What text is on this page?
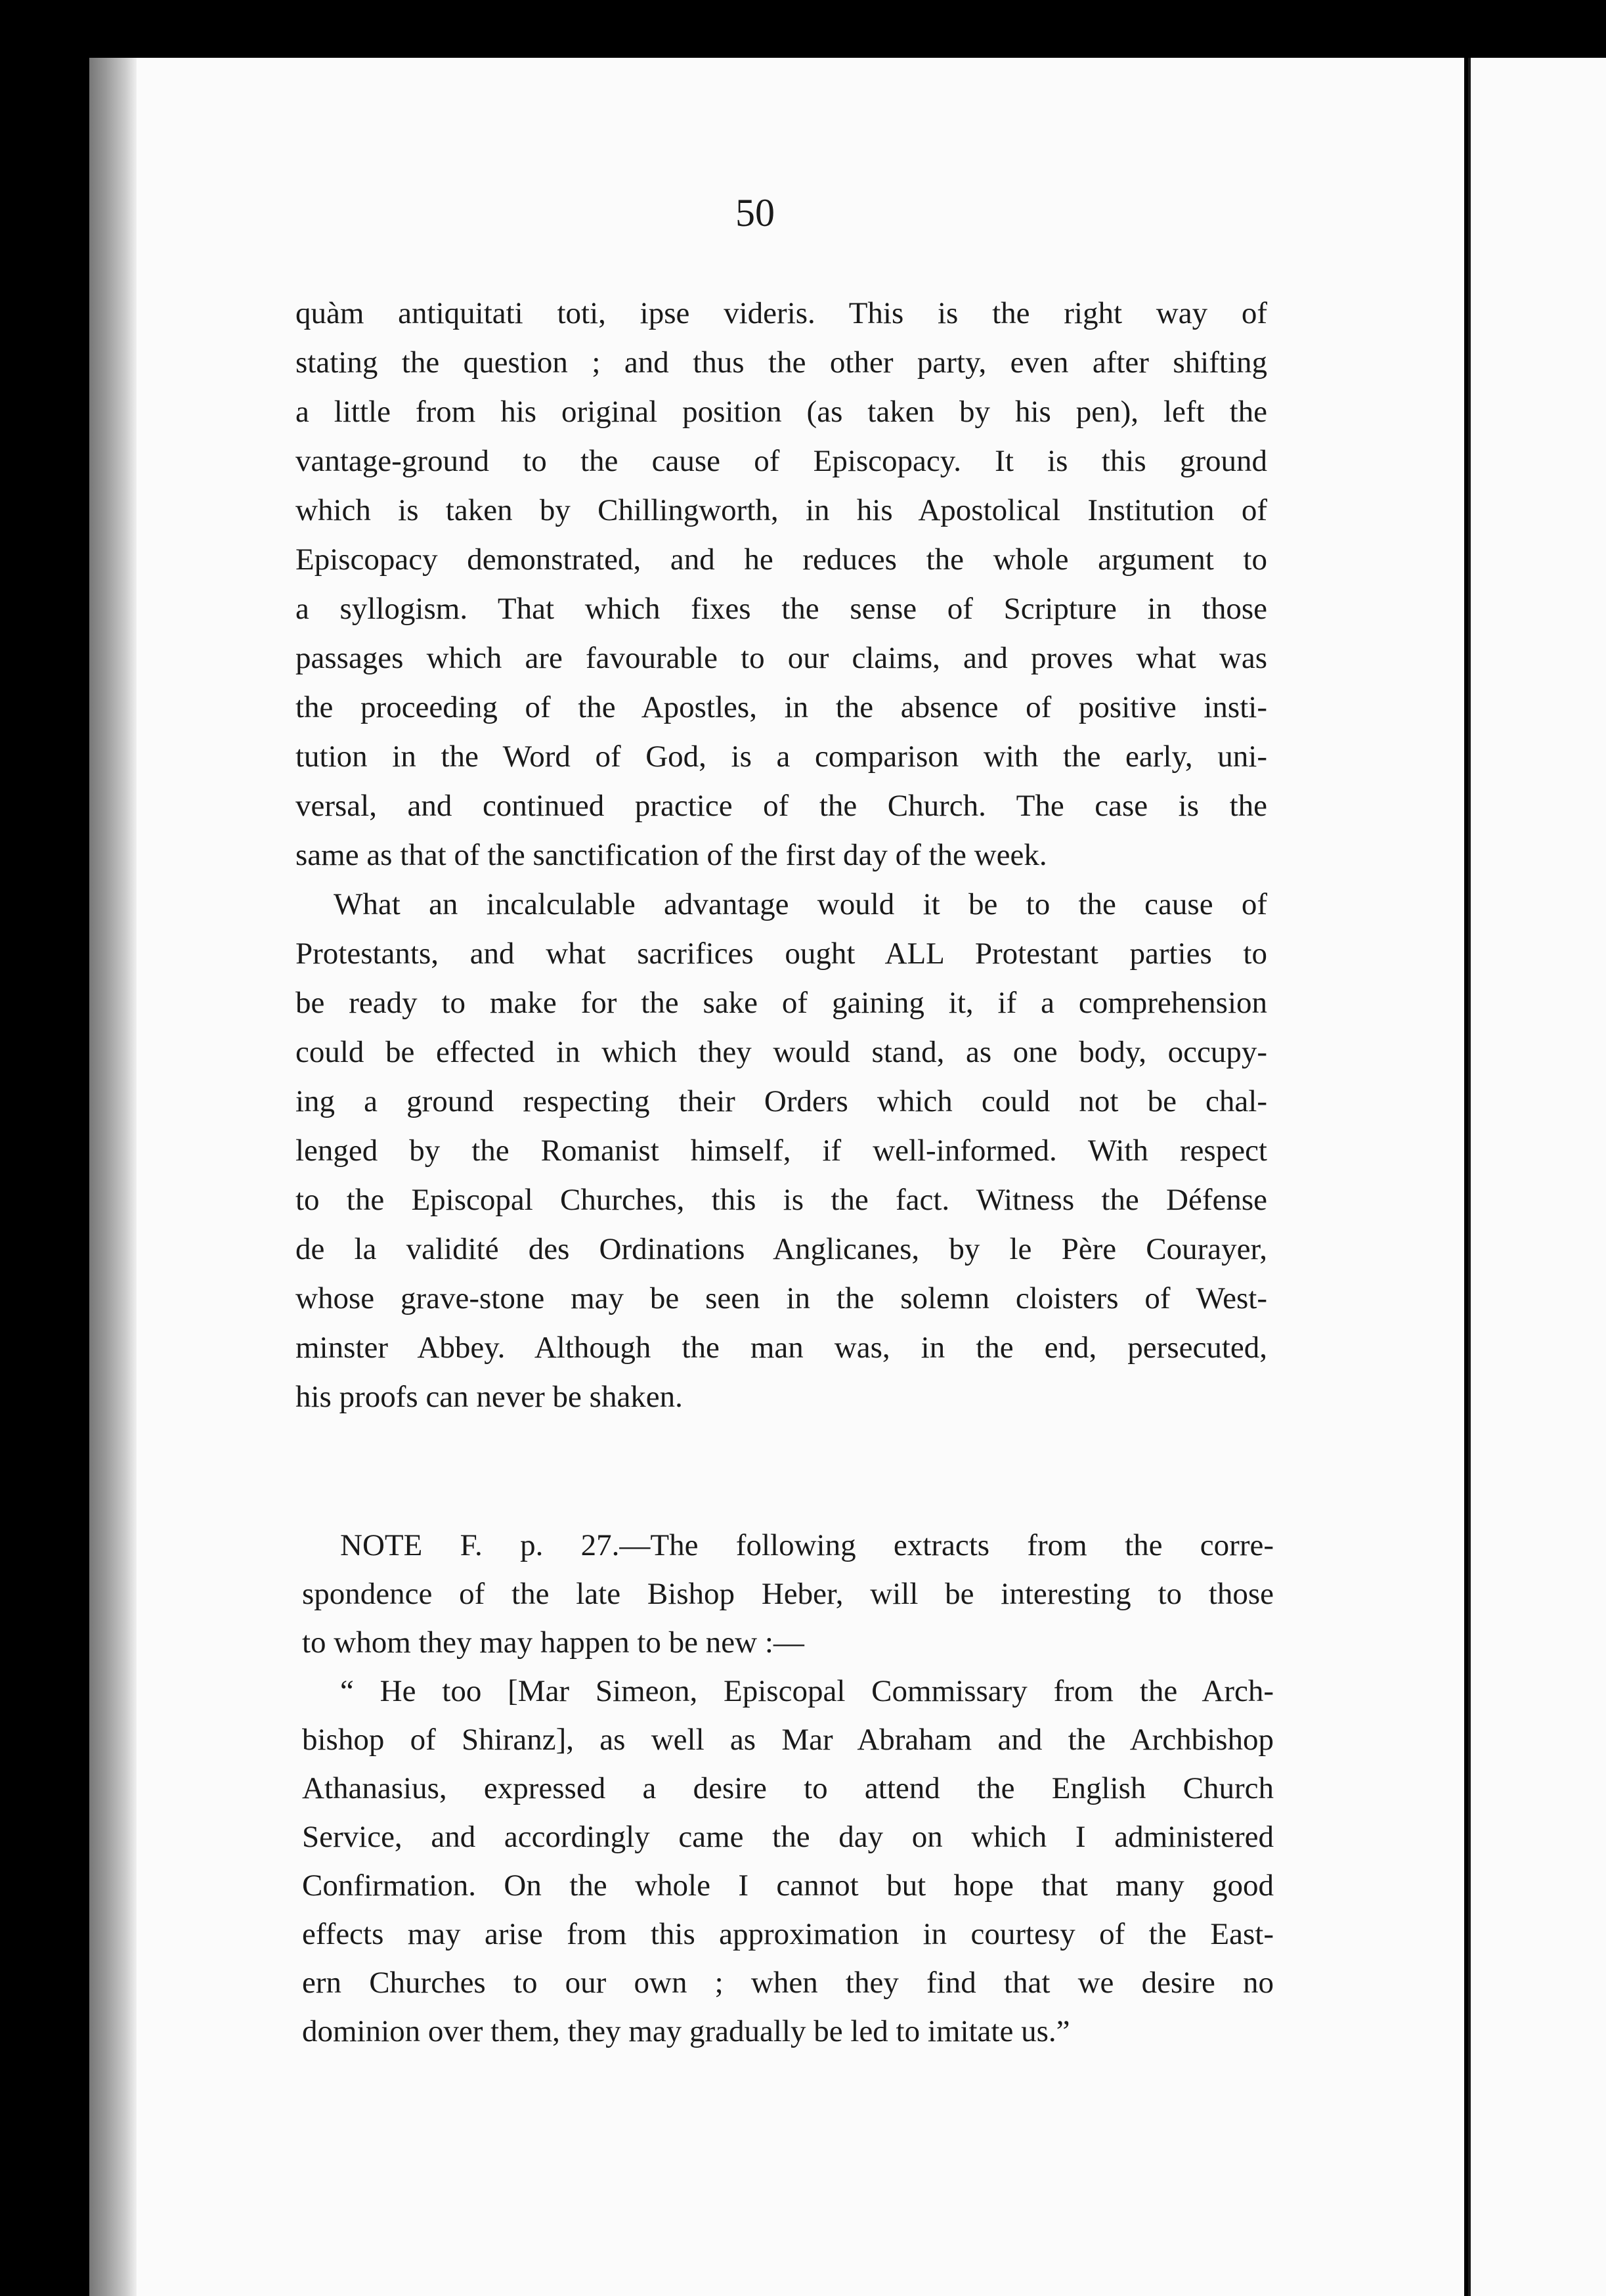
50
quàm antiquitati toti, ipse videris. This is the right way of
stating the question ; and thus the other party, even after shifting
a little from his original position (as taken by his pen), left the
vantage-ground to the cause of Episcopacy. It is this ground
which is taken by Chillingworth, in his Apostolical Institution of
Episcopacy demonstrated, and he reduces the whole argument to
a syllogism. That which fixes the sense of Scripture in those
passages which are favourable to our claims, and proves what was
the proceeding of the Apostles, in the absence of positive insti-
tution in the Word of God, is a comparison with the early, uni-
versal, and continued practice of the Church. The case is the
same as that of the sanctification of the first day of the week.
What an incalculable advantage would it be to the cause of
Protestants, and what sacrifices ought ALL Protestant parties to
be ready to make for the sake of gaining it, if a comprehension
could be effected in which they would stand, as one body, occupy-
ing a ground respecting their Orders which could not be chal-
lenged by the Romanist himself, if well-informed. With respect
to the Episcopal Churches, this is the fact. Witness the Défense
de la validité des Ordinations Anglicanes, by le Père Courayer,
whose grave-stone may be seen in the solemn cloisters of West-
minster Abbey. Although the man was, in the end, persecuted,
his proofs can never be shaken.
NOTE F. p. 27.—The following extracts from the corre-
spondence of the late Bishop Heber, will be interesting to those
to whom they may happen to be new :—
“ He too [Mar Simeon, Episcopal Commissary from the Arch-
bishop of Shiranz], as well as Mar Abraham and the Archbishop
Athanasius, expressed a desire to attend the English Church
Service, and accordingly came the day on which I administered
Confirmation. On the whole I cannot but hope that many good
effects may arise from this approximation in courtesy of the East-
ern Churches to our own ; when they find that we desire no
dominion over them, they may gradually be led to imitate us.”
